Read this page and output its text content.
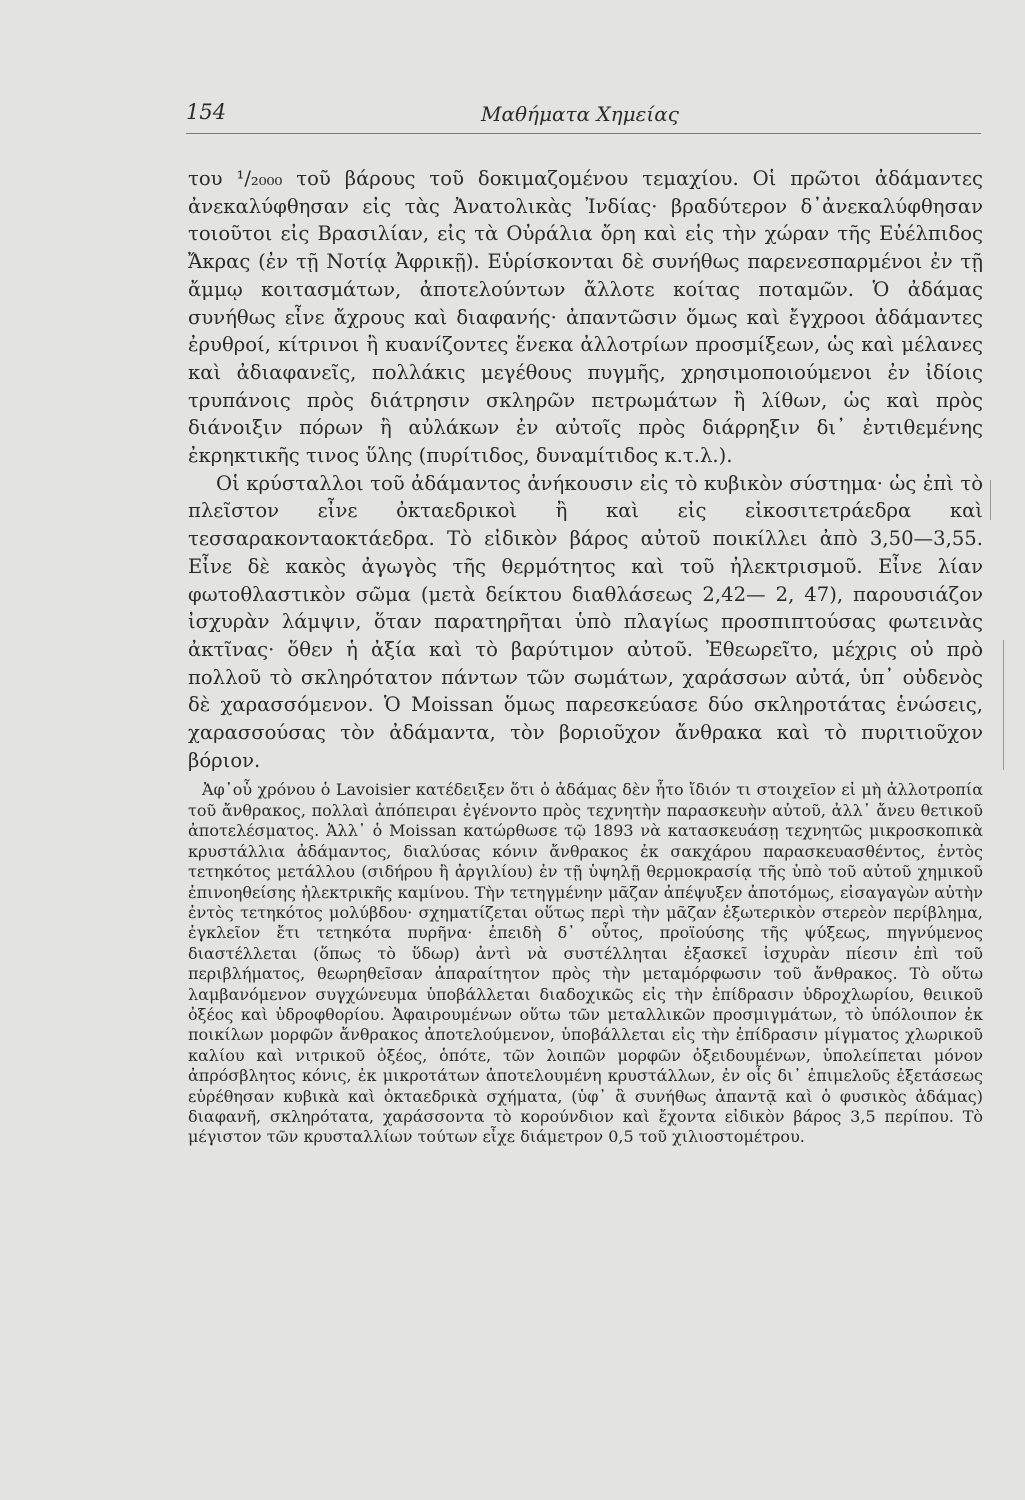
154	Μαθήματα Χημείας

του ¹/₂₀₀₀ τοῦ βάρους τοῦ δοκιμαζομένου τεμαχίου. Οἱ πρῶτοι ἀδάμαντες ἀνεκαλύφθησαν εἰς τὰς Ἀνατολικὰς Ἰνδίας· βραδύτερον δ᾽ἀνεκαλύφθησαν τοιοῦτοι εἰς Βρασιλίαν, εἰς τὰ Οὐράλια ὄρη καὶ εἰς τὴν χώραν τῆς Εὐέλπιδος Ἄκρας (ἐν τῇ Νοτίᾳ Ἀφρικῇ). Εὑρίσκονται δὲ συνήθως παρενεσπαρμένοι ἐν τῇ ἄμμῳ κοιτασμάτων, ἀποτελούντων ἄλλοτε κοίτας ποταμῶν. Ὁ ἀδάμας συνήθως εἶνε ἄχρους καὶ διαφανής· ἀπαντῶσιν ὅμως καὶ ἔγχροοι ἀδάμαντες ἐρυθροί, κίτρινοι ἢ κυανίζοντες ἕνεκα ἀλλοτρίων προσμίξεων, ὡς καὶ μέλανες καὶ ἀδιαφανεῖς, πολλάκις μεγέθους πυγμῆς, χρησιμοποιούμενοι ἐν ἰδίοις τρυπάνοις πρὸς διάτρησιν σκληρῶν πετρωμάτων ἢ λίθων, ὡς καὶ πρὸς διάνοιξιν πόρων ἢ αὐλάκων ἐν αὐτοῖς πρὸς διάρρηξιν δι᾽ ἐντιθεμένης ἐκρηκτικῆς τινος ὕλης (πυρίτιδος, δυναμίτιδος κ.τ.λ.).

Οἱ κρύσταλλοι τοῦ ἀδάμαντος ἀνήκουσιν εἰς τὸ κυβικὸν σύστημα· ὡς ἐπὶ τὸ πλεῖστον εἶνε ὀκταεδρικοὶ ἢ καὶ εἰς εἰκοσιτετράεδρα καὶ τεσσαρακονταοκτάεδρα. Τὸ εἰδικὸν βάρος αὐτοῦ ποικίλλει ἀπὸ 3,50—3,55. Εἶνε δὲ κακὸς ἀγωγὸς τῆς θερμότητος καὶ τοῦ ἠλεκτρισμοῦ. Εἶνε λίαν φωτοθλαστικὸν σῶμα (μετὰ δείκτου διαθλάσεως 2,42— 2, 47), παρουσιάζον ἰσχυρὰν λάμψιν, ὅταν παρατηρῆται ὑπὸ πλαγίως προσπιπτούσας φωτεινὰς ἀκτῖνας· ὅθεν ἡ ἀξία καὶ τὸ βαρύτιμον αὐτοῦ. Ἐθεωρεῖτο, μέχρις οὐ πρὸ πολλοῦ τὸ σκληρότατον πάντων τῶν σωμάτων, χαράσσων αὐτά, ὑπ᾽ οὐδενὸς δὲ χαρασσόμενον. Ὁ Moissan ὅμως παρεσκεύασε δύο σκληροτάτας ἑνώσεις, χαρασσούσας τὸν ἀδάμαντα, τὸν βοριοῦχον ἄνθρακα καὶ τὸ πυριτιοῦχον βόριον.

Ἀφ᾽οὗ χρόνου ὁ Lavoisier κατέδειξεν ὅτι ὁ ἀδάμας δὲν ἦτο ἴδιόν τι στοιχεῖον εἰ μὴ ἀλλοτροπία τοῦ ἄνθρακος, πολλαὶ ἀπόπειραι ἐγένοντο πρὸς τεχνητὴν παρασκευὴν αὐτοῦ, ἀλλ᾽ ἄνευ θετικοῦ ἀποτελέσματος. Ἀλλ᾽ ὁ Moissan κατώρθωσε τῷ 1893 νὰ κατασκευάσῃ τεχνητῶς μικροσκοπικὰ κρυστάλλια ἀδάμαντος, διαλύσας κόνιν ἄνθρακος ἐκ σακχάρου παρασκευασθέντος, ἐντὸς τετηκότος μετάλλου (σιδήρου ἢ ἀργιλίου) ἐν τῇ ὑψηλῇ θερμοκρασίᾳ τῆς ὑπὸ τοῦ αὐτοῦ χημικοῦ ἐπινοηθείσης ἠλεκτρικῆς καμίνου. Τὴν τετηγμένην μᾶζαν ἀπέψυξεν ἀποτόμως, εἰσαγαγὼν αὐτὴν ἐντὸς τετηκότος μολύβδου· σχηματίζεται οὕτως περὶ τὴν μᾶζαν ἐξωτερικὸν στερεὸν περίβλημα, ἐγκλεῖον ἔτι τετηκότα πυρῆνα· ἐπειδὴ δ᾽ οὗτος, προϊούσης τῆς ψύξεως, πηγνύμενος διαστέλλεται (ὅπως τὸ ὕδωρ) ἀντὶ νὰ συστέλληται ἐξασκεῖ ἰσχυρὰν πίεσιν ἐπὶ τοῦ περιβλήματος, θεωρηθεῖσαν ἀπαραίτητον πρὸς τὴν μεταμόρφωσιν τοῦ ἄνθρακος. Τὸ οὕτω λαμβανόμενον συγχώνευμα ὑποβάλλεται διαδοχικῶς εἰς τὴν ἐπίδρασιν ὑδροχλωρίου, θειικοῦ ὀξέος καὶ ὑδροφθορίου. Ἀφαιρουμένων οὕτω τῶν μεταλλικῶν προσμιγμάτων, τὸ ὑπόλοιπον ἐκ ποικίλων μορφῶν ἄνθρακος ἀποτελούμενον, ὑποβάλλεται εἰς τὴν ἐπίδρασιν μίγματος χλωρικοῦ καλίου καὶ νιτρικοῦ ὀξέος, ὁπότε, τῶν λοιπῶν μορφῶν ὀξειδουμένων, ὑπολείπεται μόνον ἀπρόσβλητος κόνις, ἐκ μικροτάτων ἀποτελουμένη κρυστάλλων, ἐν οἷς δι᾽ ἐπιμελοῦς ἐξετάσεως εὑρέθησαν κυβικὰ καὶ ὀκταεδρικὰ σχήματα, (ὑφ᾽ ἃ συνήθως ἀπαντᾷ καὶ ὁ φυσικὸς ἀδάμας) διαφανῆ, σκληρότατα, χαράσσοντα τὸ κορούνδιον καὶ ἔχοντα εἰδικὸν βάρος 3,5 περίπου. Τὸ μέγιστον τῶν κρυσταλλίων τούτων εἶχε διάμετρον 0,5 τοῦ χιλιοστομέτρου.
